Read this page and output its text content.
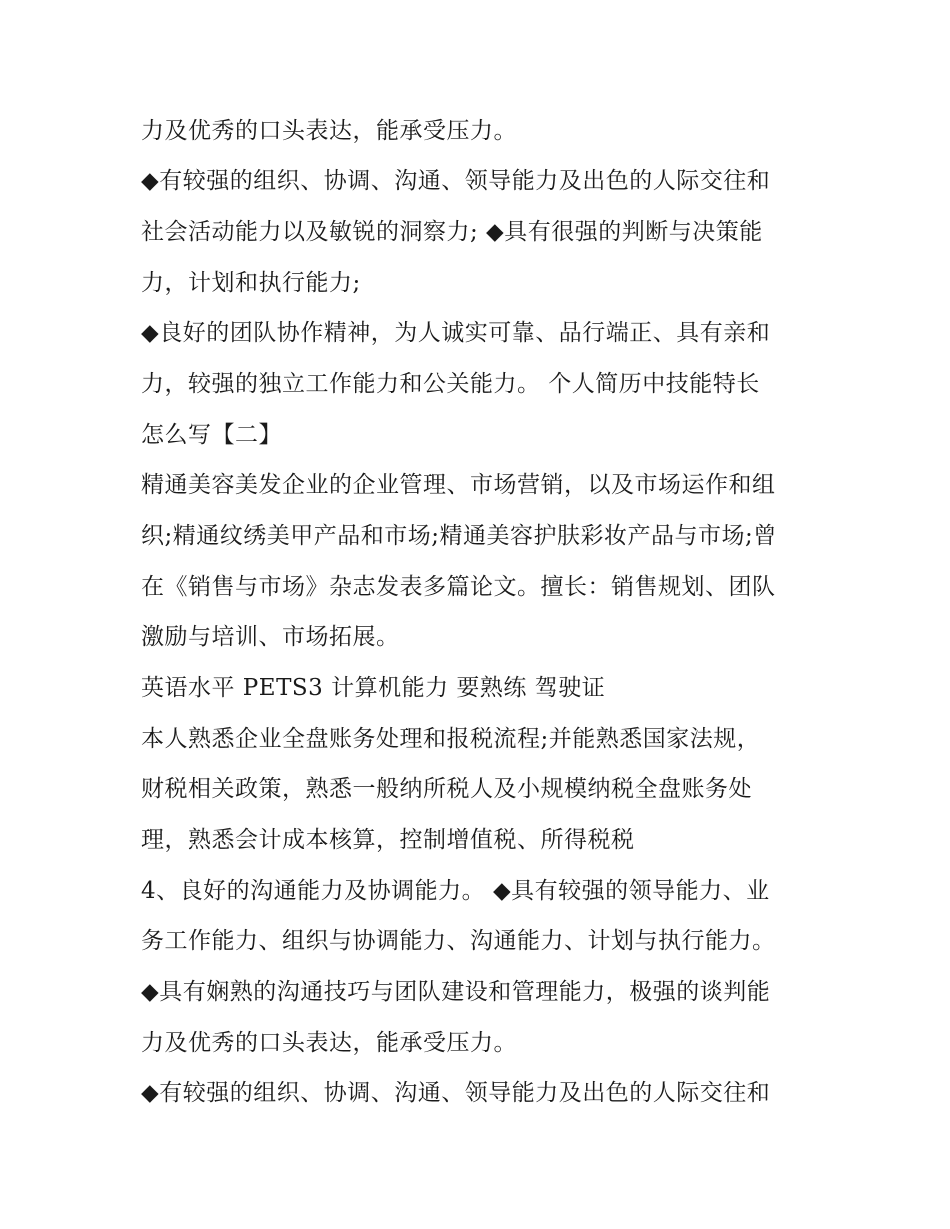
力及优秀的口头表达，能承受压力。
◆有较强的组织、协调、沟通、领导能力及出色的人际交往和
社会活动能力以及敏锐的洞察力; ◆具有很强的判断与决策能
力，计划和执行能力;
◆良好的团队协作精神，为人诚实可靠、品行端正、具有亲和
力，较强的独立工作能力和公关能力。 个人简历中技能特长
怎么写【二】
精通美容美发企业的企业管理、市场营销，以及市场运作和组
织;精通纹绣美甲产品和市场;精通美容护肤彩妆产品与市场;曾
在《销售与市场》杂志发表多篇论文。擅长：销售规划、团队
激励与培训、市场拓展。
英语水平 PETS3 计算机能力 要熟练 驾驶证
本人熟悉企业全盘账务处理和报税流程;并能熟悉国家法规，
财税相关政策，熟悉一般纳所税人及小规模纳税全盘账务处
理，熟悉会计成本核算，控制增值税、所得税税
4、良好的沟通能力及协调能力。 ◆具有较强的领导能力、业
务工作能力、组织与协调能力、沟通能力、计划与执行能力。
◆具有娴熟的沟通技巧与团队建设和管理能力，极强的谈判能
力及优秀的口头表达，能承受压力。
◆有较强的组织、协调、沟通、领导能力及出色的人际交往和
